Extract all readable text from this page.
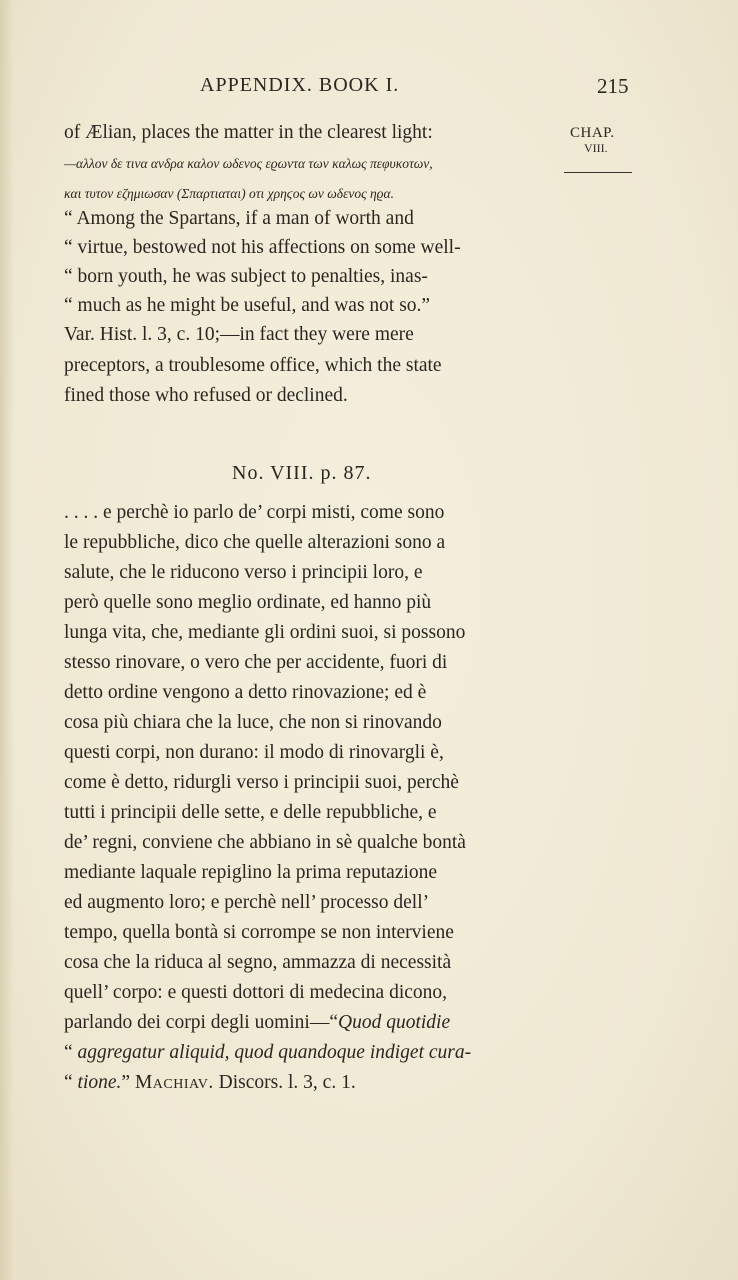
APPENDIX. BOOK I.	215
CHAP.
VIII.
of Ælian, places the matter in the clearest light:
—αλλον δε τινα ανδρα καλον ωδενος εϱωντα των καλως πεφυκοτων,
και τυτον εζημιωσαν (Σπαρτιαται) οτι χρηϛος ων ωδενος ηϱα.
“ Among the Spartans, if a man of worth and
“ virtue, bestowed not his affections on some well-
“ born youth, he was subject to penalties, inas-
“ much as he might be useful, and was not so.”
Var. Hist. l. 3, c. 10;—in fact they were mere
preceptors, a troublesome office, which the state
fined those who refused or declined.
No. VIII. p. 87.
. . . . e perchè io parlo de’ corpi misti, come sono
le repubbliche, dico che quelle alterazioni sono a
salute, che le riducono verso i principii loro, e
però quelle sono meglio ordinate, ed hanno più
lunga vita, che, mediante gli ordini suoi, si possono
stesso rinovare, o vero che per accidente, fuori di
detto ordine vengono a detto rinovazione; ed è
cosa più chiara che la luce, che non si rinovando
questi corpi, non durano: il modo di rinovargli è,
come è detto, ridurgli verso i principii suoi, perchè
tutti i principii delle sette, e delle repubbliche, e
de’ regni, conviene che abbiano in sè qualche bontà
mediante laquale repiglino la prima reputazione
ed augmento loro; e perchè nell’ processo dell’
tempo, quella bontà si corrompe se non interviene
cosa che la riduca al segno, ammazza di necessità
quell’ corpo: e questi dottori di medecina dicono,
parlando dei corpi degli uomini—“Quod quotidie
“ aggregatur aliquid, quod quandoque indiget cura-
“ tione.” Machiav. Discors. l. 3, c. 1.
